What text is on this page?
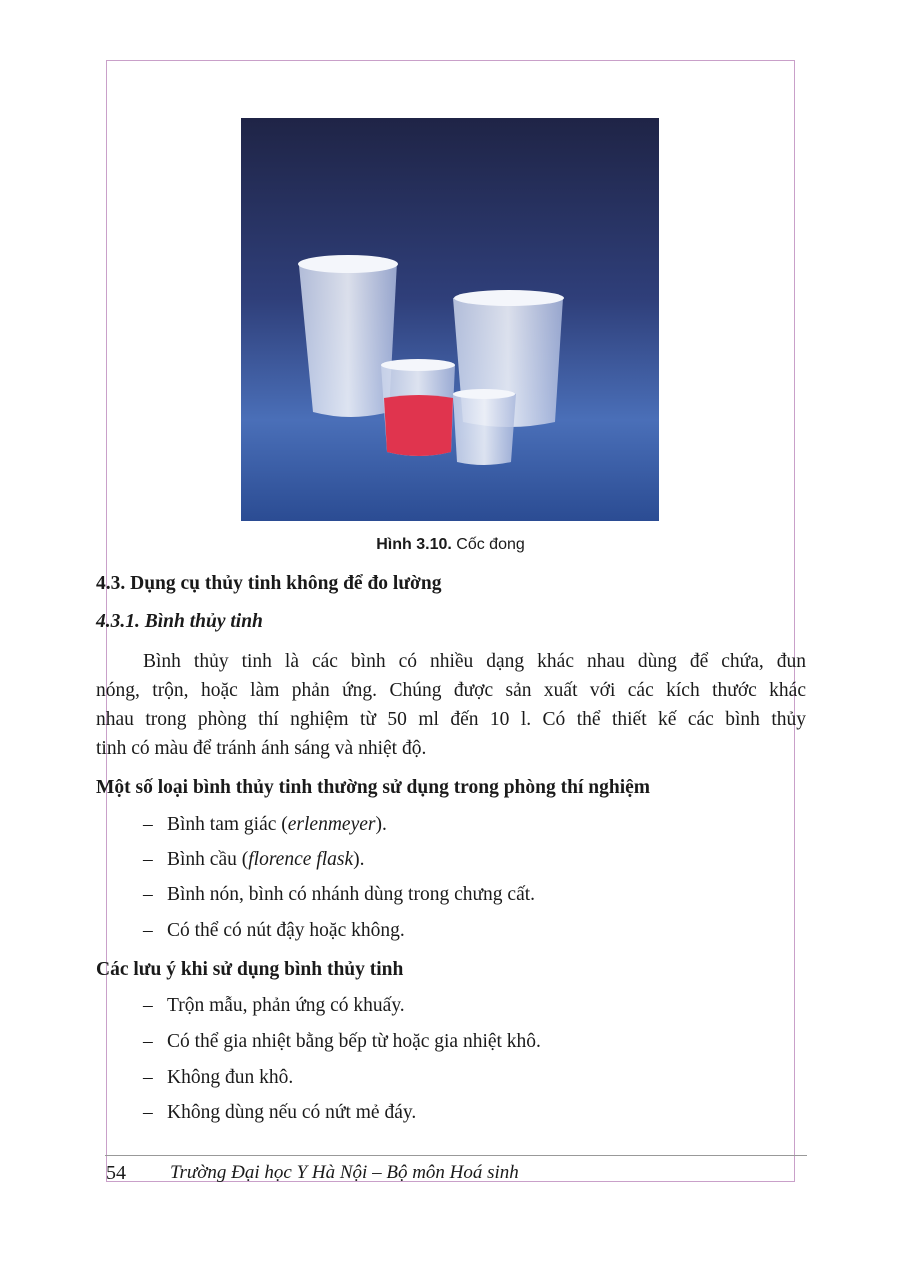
Hình 3.10. Cốc đong
4.3. Dụng cụ thủy tinh không để đo lường
4.3.1. Bình thủy tinh
Bình thủy tinh là các bình có nhiều dạng khác nhau dùng để chứa, đun
nóng, trộn, hoặc làm phản ứng. Chúng được sản xuất với các kích thước khác
nhau trong phòng thí nghiệm từ 50 ml đến 10 l. Có thể thiết kế các bình thủy
tinh có màu để tránh ánh sáng và nhiệt độ.
Một số loại bình thủy tinh thường sử dụng trong phòng thí nghiệm
– Bình tam giác (erlenmeyer).
– Bình cầu (florence flask).
– Bình nón, bình có nhánh dùng trong chưng cất.
– Có thể có nút đậy hoặc không.
Các lưu ý khi sử dụng bình thủy tinh
– Trộn mẫu, phản ứng có khuấy.
– Có thể gia nhiệt bằng bếp từ hoặc gia nhiệt khô.
– Không đun khô.
– Không dùng nếu có nứt mẻ đáy.
54 Trường Đại học Y Hà Nội – Bộ môn Hoá sinh
